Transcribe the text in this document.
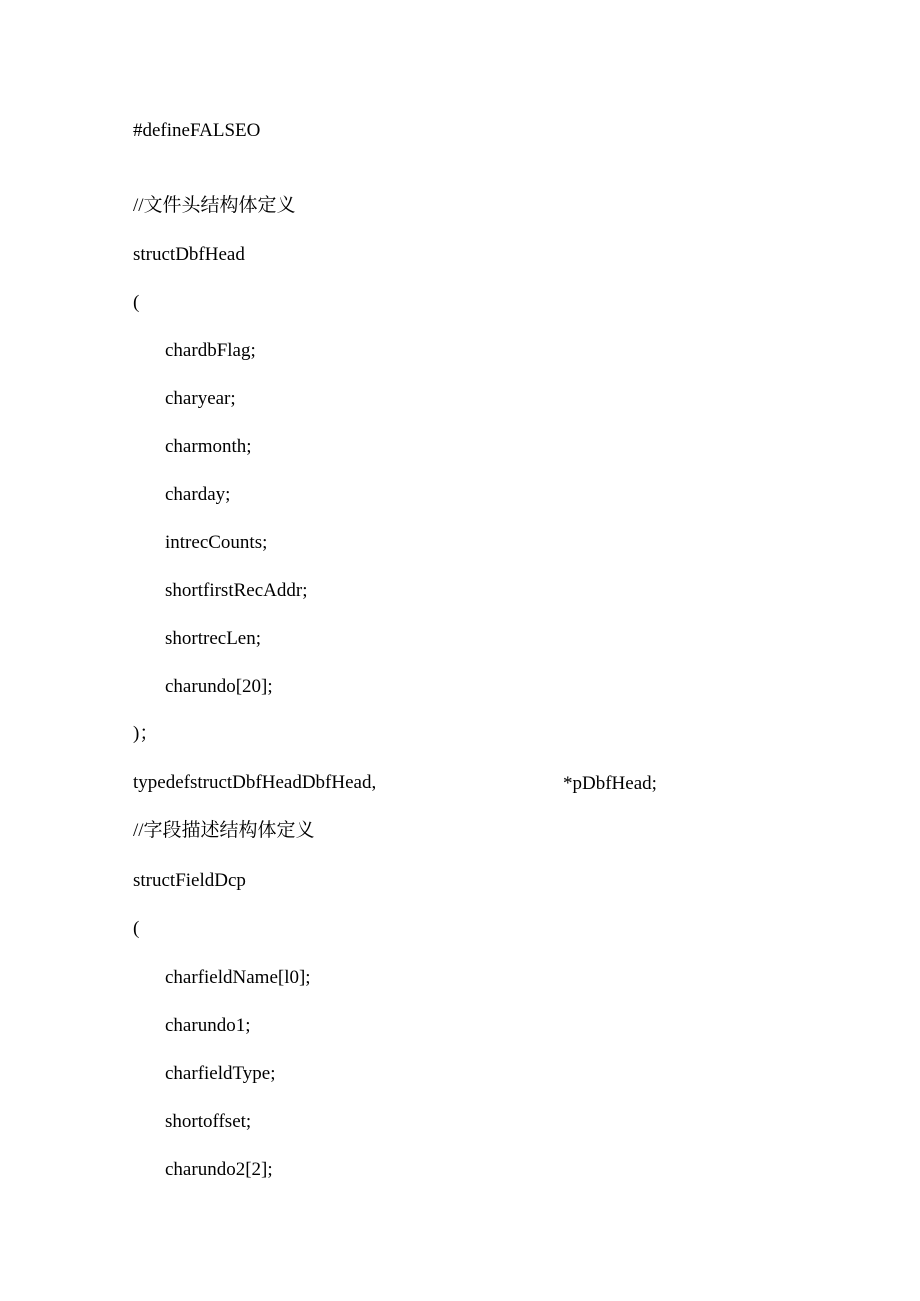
#defineFALSEO
//文件头结构体定义
structDbfHead
(
chardbFlag;
charyear;
charmonth;
charday;
intrecCounts;
shortfirstRecAddr;
shortrecLen;
charundo[20];
)；
typedefstructDbfHeadDbfHead,	*pDbfHead;
//字段描述结构体定义
structFieldDcp
(
charfieldName[l0];
charundo1;
charfieldType;
shortoffset;
charundo2[2];
